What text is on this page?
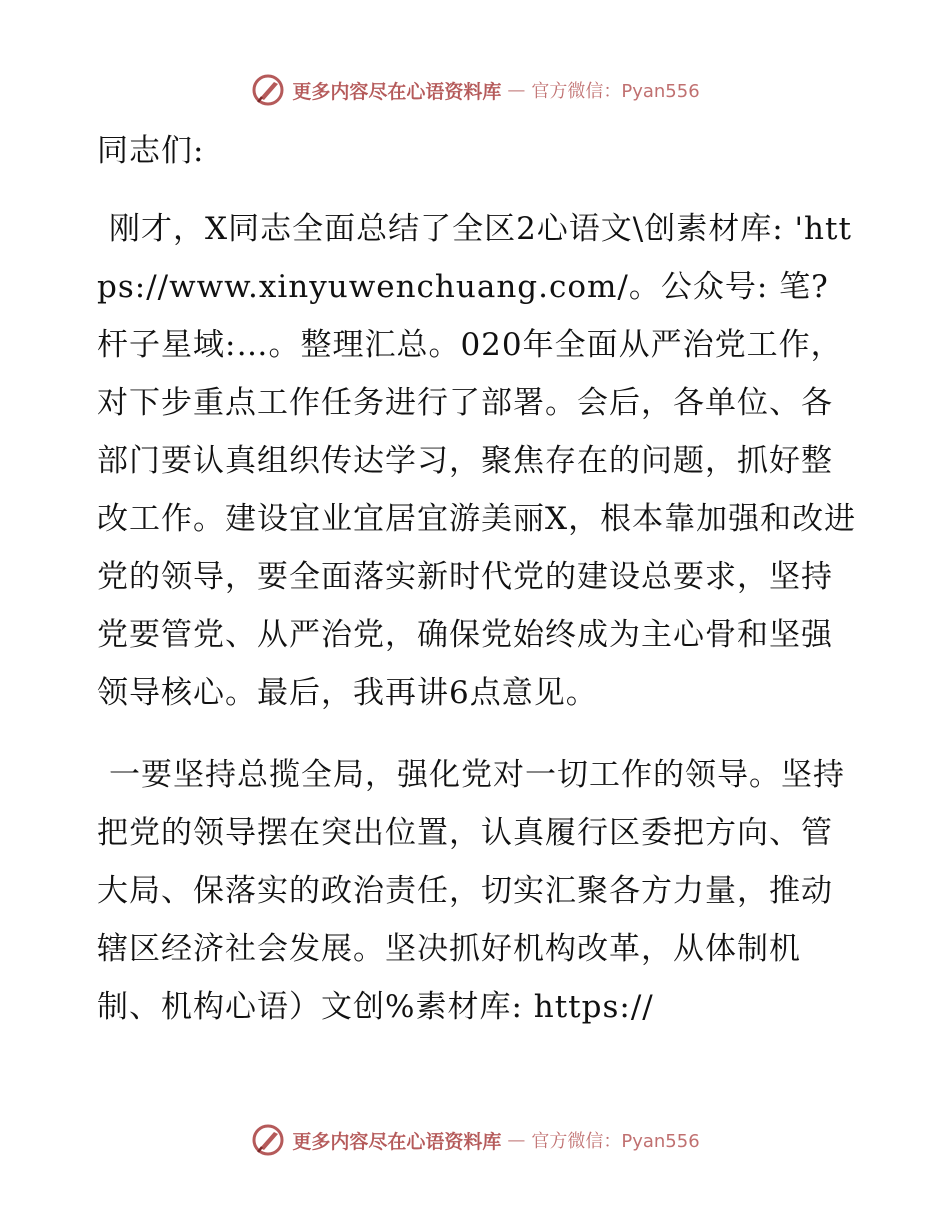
更多内容尽在心语资料库 — 官方微信：Pyan556

同志们:

刚才，X同志全面总结了全区2心语文\创素材库: 'https://www.xinyuwenchuang.com/。公众号: 笔?杆子星域:…。整理汇总。020年全面从严治党工作，对下步重点工作任务进行了部署。会后，各单位、各部门要认真组织传达学习，聚焦存在的问题，抓好整改工作。建设宜业宜居宜游美丽X，根本靠加强和改进党的领导，要全面落实新时代党的建设总要求，坚持党要管党、从严治党，确保党始终成为主心骨和坚强领导核心。最后，我再讲6点意见。

一要坚持总揽全局，强化党对一切工作的领导。坚持把党的领导摆在突出位置，认真履行区委把方向、管大局、保落实的政治责任，切实汇聚各方力量，推动辖区经济社会发展。坚决抓好机构改革，从体制机制、机构心语）文创%素材库: https://

更多内容尽在心语资料库 — 官方微信：Pyan556
